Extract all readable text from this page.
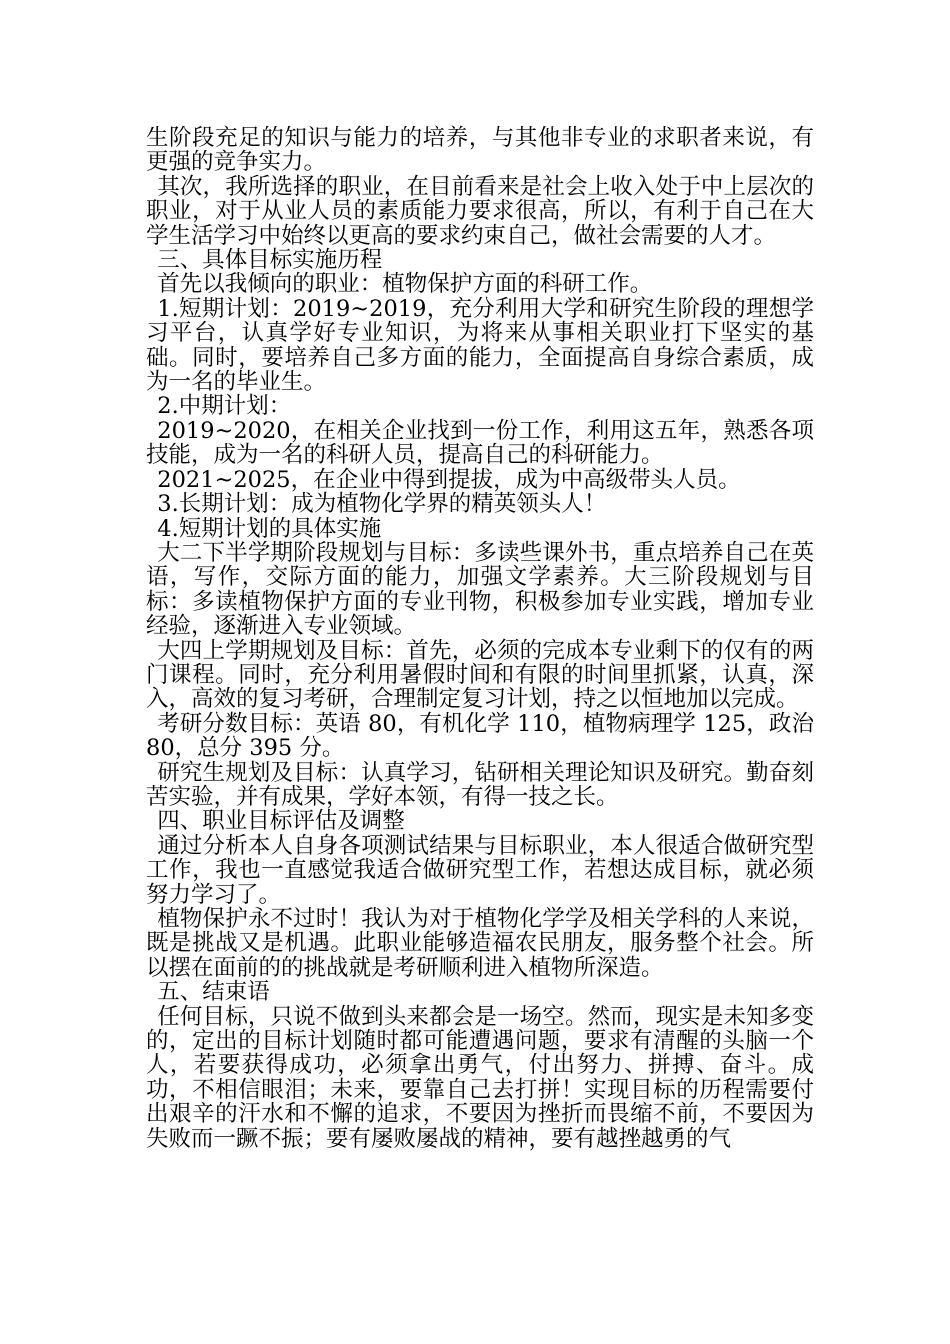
生阶段充足的知识与能力的培养，与其他非专业的求职者来说，有更强的竞争实力。

其次，我所选择的职业，在目前看来是社会上收入处于中上层次的职业，对于从业人员的素质能力要求很高，所以，有利于自己在大学生活学习中始终以更高的要求约束自己，做社会需要的人才。

三、具体目标实施历程

首先以我倾向的职业：植物保护方面的科研工作。

1.短期计划：2019~2019，充分利用大学和研究生阶段的理想学习平台，认真学好专业知识，为将来从事相关职业打下坚实的基础。同时，要培养自己多方面的能力，全面提高自身综合素质，成为一名的毕业生。

2.中期计划：

2019~2020，在相关企业找到一份工作，利用这五年，熟悉各项技能，成为一名的科研人员，提高自己的科研能力。

2021~2025，在企业中得到提拔，成为中高级带头人员。

3.长期计划：成为植物化学界的精英领头人！

4.短期计划的具体实施

大二下半学期阶段规划与目标：多读些课外书，重点培养自己在英语，写作，交际方面的能力，加强文学素养。大三阶段规划与目标：多读植物保护方面的专业刊物，积极参加专业实践，增加专业经验，逐渐进入专业领域。

大四上学期规划及目标：首先，必须的完成本专业剩下的仅有的两门课程。同时，充分利用暑假时间和有限的时间里抓紧，认真，深入，高效的复习考研，合理制定复习计划，持之以恒地加以完成。

考研分数目标：英语 80，有机化学 110，植物病理学 125，政治 80，总分 395 分。

研究生规划及目标：认真学习，钻研相关理论知识及研究。勤奋刻苦实验，并有成果，学好本领，有得一技之长。

四、职业目标评估及调整

通过分析本人自身各项测试结果与目标职业，本人很适合做研究型工作，我也一直感觉我适合做研究型工作，若想达成目标，就必须努力学习了。

植物保护永不过时！我认为对于植物化学学及相关学科的人来说，既是挑战又是机遇。此职业能够造福农民朋友，服务整个社会。所以摆在面前的的挑战就是考研顺利进入植物所深造。

五、结束语

任何目标，只说不做到头来都会是一场空。然而，现实是未知多变的，定出的目标计划随时都可能遭遇问题，要求有清醒的头脑一个人，若要获得成功，必须拿出勇气，付出努力、拼搏、奋斗。成功，不相信眼泪；未来，要靠自己去打拼！实现目标的历程需要付出艰辛的汗水和不懈的追求，不要因为挫折而畏缩不前，不要因为失败而一蹶不振；要有屡败屡战的精神，要有越挫越勇的气
